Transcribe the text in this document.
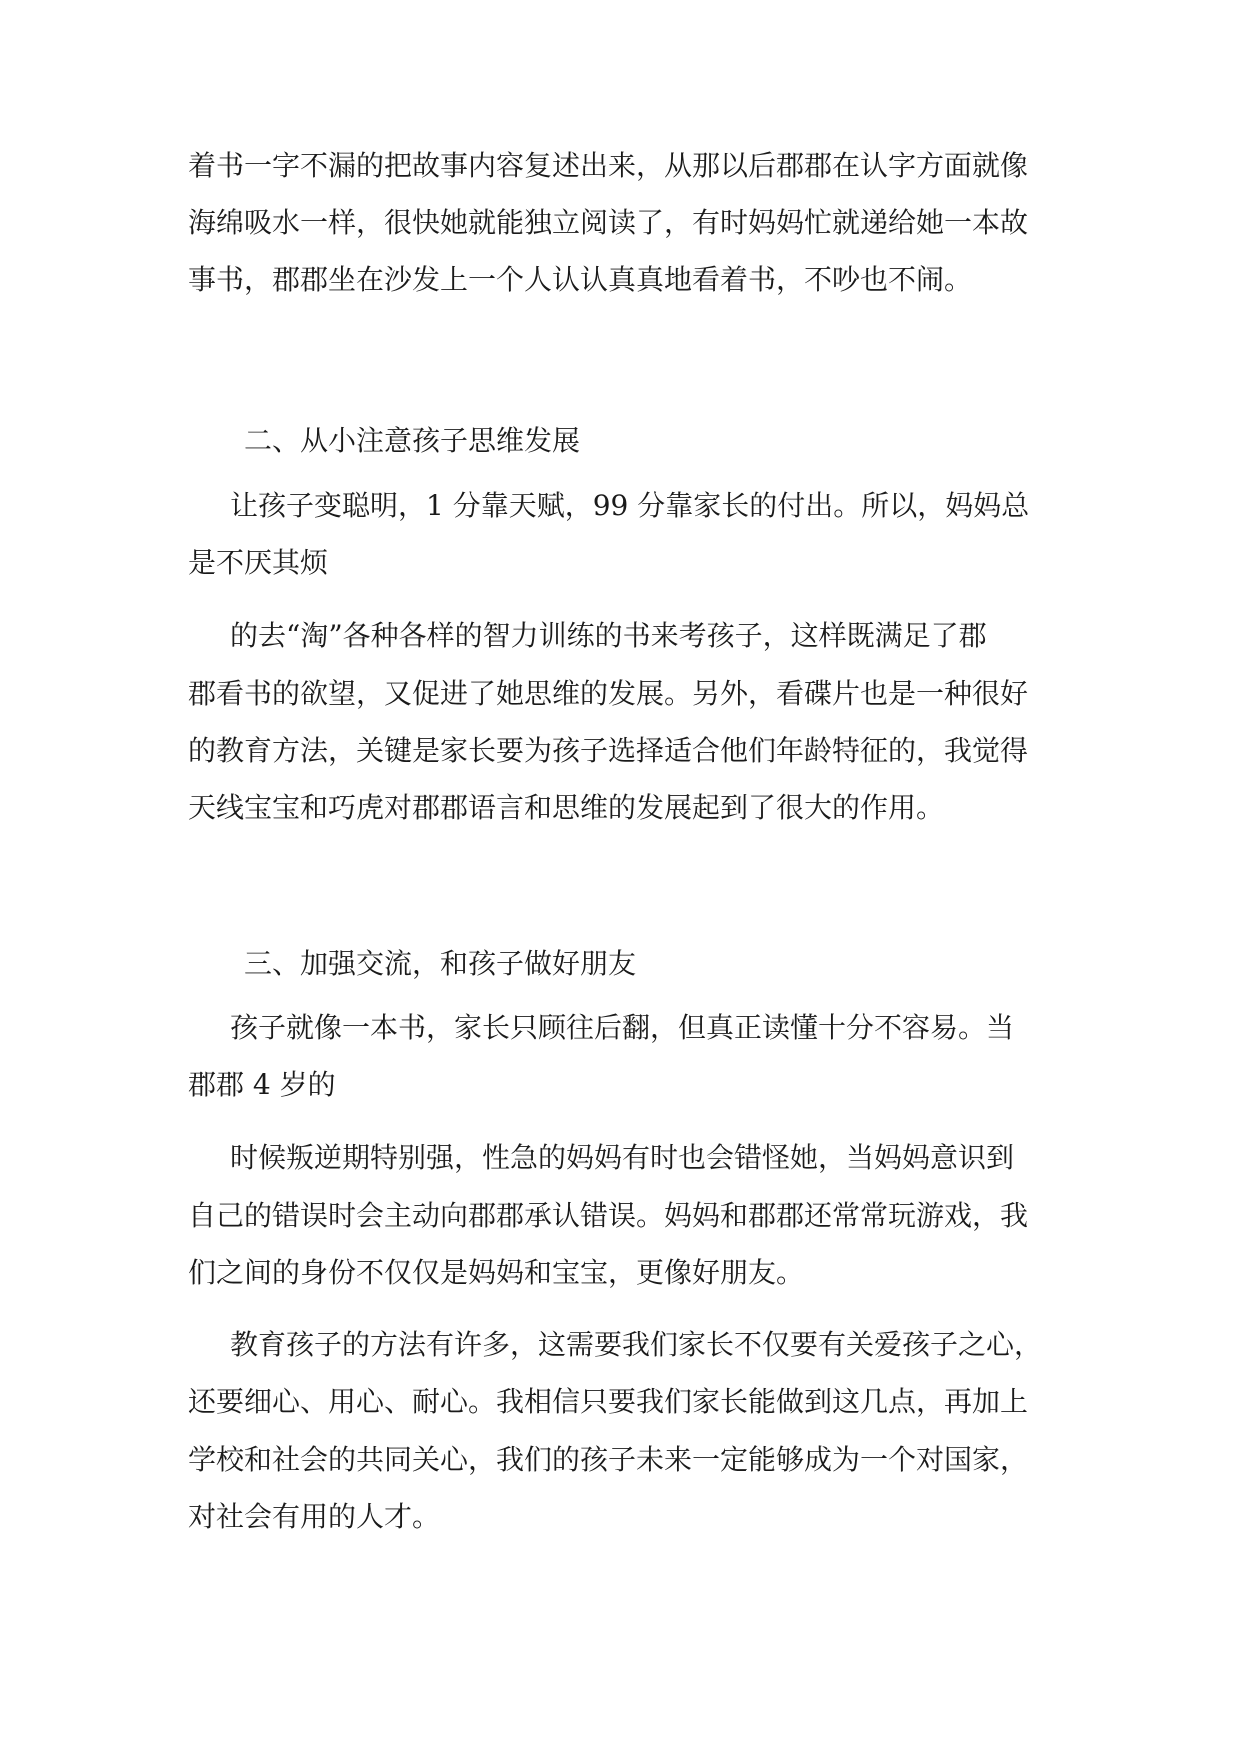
着书一字不漏的把故事内容复述出来，从那以后郡郡在认字方面就像
海绵吸水一样，很快她就能独立阅读了，有时妈妈忙就递给她一本故
事书，郡郡坐在沙发上一个人认认真真地看着书，不吵也不闹。
二、从小注意孩子思维发展
让孩子变聪明，1 分靠天赋，99 分靠家长的付出。所以，妈妈总
是不厌其烦
的去“淘”各种各样的智力训练的书来考孩子，这样既满足了郡
郡看书的欲望，又促进了她思维的发展。另外，看碟片也是一种很好
的教育方法，关键是家长要为孩子选择适合他们年龄特征的，我觉得
天线宝宝和巧虎对郡郡语言和思维的发展起到了很大的作用。
三、加强交流，和孩子做好朋友
孩子就像一本书，家长只顾往后翻，但真正读懂十分不容易。当
郡郡 4 岁的
时候叛逆期特别强，性急的妈妈有时也会错怪她，当妈妈意识到
自己的错误时会主动向郡郡承认错误。妈妈和郡郡还常常玩游戏，我
们之间的身份不仅仅是妈妈和宝宝，更像好朋友。
教育孩子的方法有许多，这需要我们家长不仅要有关爱孩子之心，
还要细心、用心、耐心。我相信只要我们家长能做到这几点，再加上
学校和社会的共同关心，我们的孩子未来一定能够成为一个对国家，
对社会有用的人才。
